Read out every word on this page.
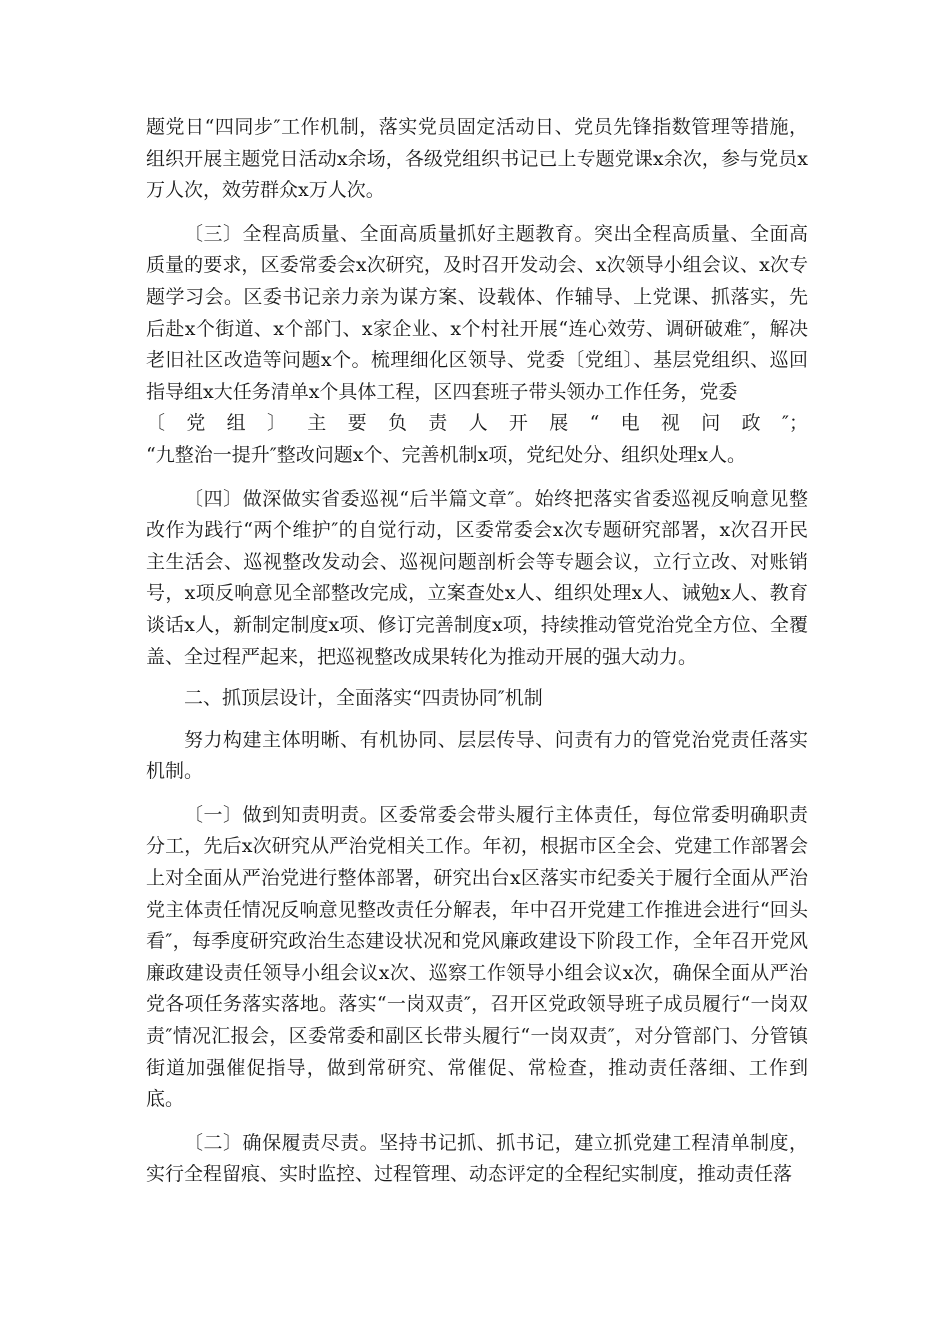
题党日“四同步″工作机制，落实党员固定活动日、党员先锋指数管理等措施，组织开展主题党日活动x余场，各级党组织书记已上专题党课x余次，参与党员x万人次，效劳群众x万人次。

〔三〕全程高质量、全面高质量抓好主题教育。突出全程高质量、全面高质量的要求，区委常委会x次研究，及时召开发动会、x次领导小组会议、x次专题学习会。区委书记亲力亲为谋方案、设载体、作辅导、上党课、抓落实，先后赴x个街道、x个部门、x家企业、x个村社开展“连心效劳、调研破难″，解决老旧社区改造等问题x个。梳理细化区领导、党委〔党组〕、基层党组织、巡回指导组x大任务清单x个具体工程，区四套班子带头领办工作任务，党委

〔党组〕主要负责人开展“电视问政″；

“九整治一提升″整改问题x个、完善机制x项，党纪处分、组织处理x人。

〔四〕做深做实省委巡视“后半篇文章″。始终把落实省委巡视反响意见整改作为践行“两个维护″的自觉行动，区委常委会x次专题研究部署，x次召开民主生活会、巡视整改发动会、巡视问题剖析会等专题会议，立行立改、对账销号，x项反响意见全部整改完成，立案查处x人、组织处理x人、诫勉x人、教育谈话x人，新制定制度x项、修订完善制度x项，持续推动管党治党全方位、全覆盖、全过程严起来，把巡视整改成果转化为推动开展的强大动力。

二、抓顶层设计，全面落实“四责协同″机制

努力构建主体明晰、有机协同、层层传导、问责有力的管党治党责任落实机制。

〔一〕做到知责明责。区委常委会带头履行主体责任，每位常委明确职责分工，先后x次研究从严治党相关工作。年初，根据市区全会、党建工作部署会上对全面从严治党进行整体部署，研究出台x区落实市纪委关于履行全面从严治党主体责任情况反响意见整改责任分解表，年中召开党建工作推进会进行“回头看″，每季度研究政治生态建设状况和党风廉政建设下阶段工作，全年召开党风廉政建设责任领导小组会议x次、巡察工作领导小组会议x次，确保全面从严治党各项任务落实落地。落实“一岗双责″，召开区党政领导班子成员履行“一岗双责″情况汇报会，区委常委和副区长带头履行“一岗双责″，对分管部门、分管镇街道加强催促指导，做到常研究、常催促、常检查，推动责任落细、工作到底。

〔二〕确保履责尽责。坚持书记抓、抓书记，建立抓党建工程清单制度，实行全程留痕、实时监控、过程管理、动态评定的全程纪实制度，推动责任落
